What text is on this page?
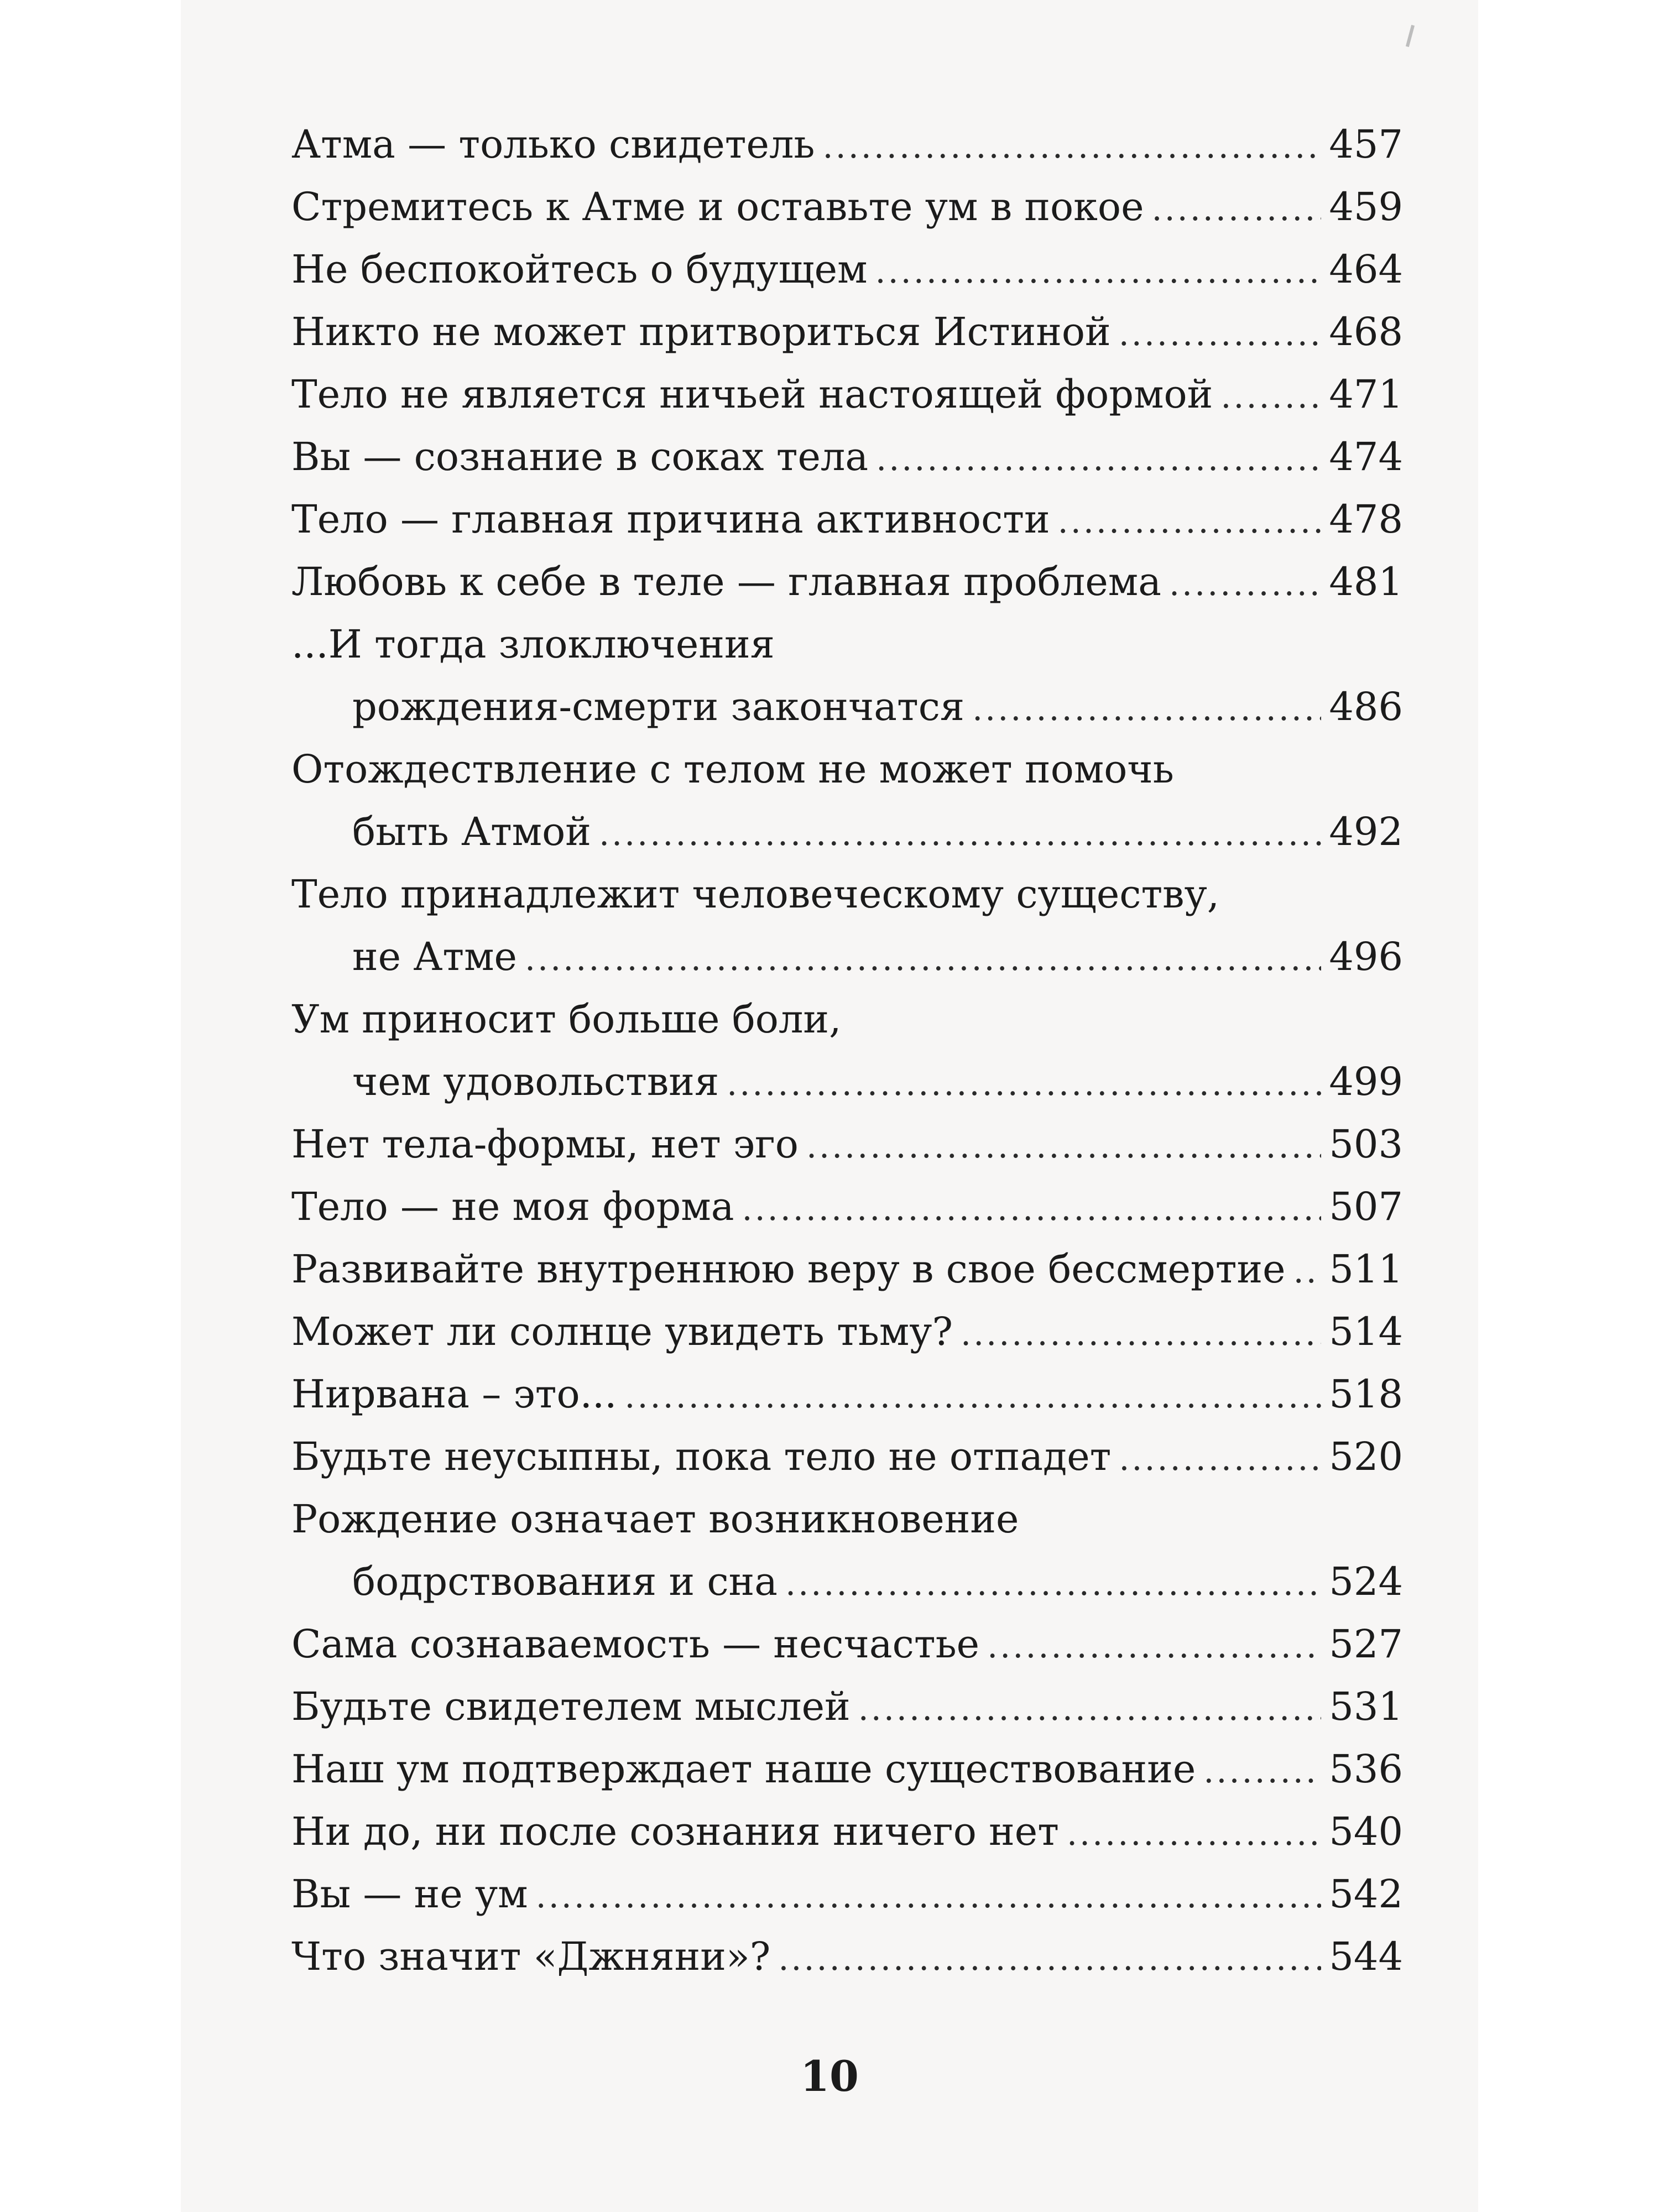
Атма — только свидетель .....	457
Стремитесь к Атме и оставьте ум в покое .....	459
Не беспокойтесь о будущем .....	464
Никто не может притвориться Истиной .....	468
Тело не является ничьей настоящей формой .....	471
Вы — сознание в соках тела .....	474
Тело — главная причина активности .....	478
Любовь к себе в теле — главная проблема .....	481
...И тогда злоключения
рождения-смерти закончатся .....	486
Отождествление с телом не может помочь
быть Атмой .....	492
Тело принадлежит человеческому существу,
не Атме .....	496
Ум приносит больше боли,
чем удовольствия .....	499
Нет тела-формы, нет эго .....	503
Тело — не моя форма .....	507
Развивайте внутреннюю веру в свое бессмертие ..... 511
Может ли солнце увидеть тьму? .....	514
Нирвана – это... .....	518
Будьте неусыпны, пока тело не отпадет .....	520
Рождение означает возникновение
бодрствования и сна .....	524
Сама сознаваемость — несчастье .....	527
Будьте свидетелем мыслей .....	531
Наш ум подтверждает наше существование .....	536
Ни до, ни после сознания ничего нет .....	540
Вы — не ум .....	542
Что значит «Джняни»? .....	544
10
